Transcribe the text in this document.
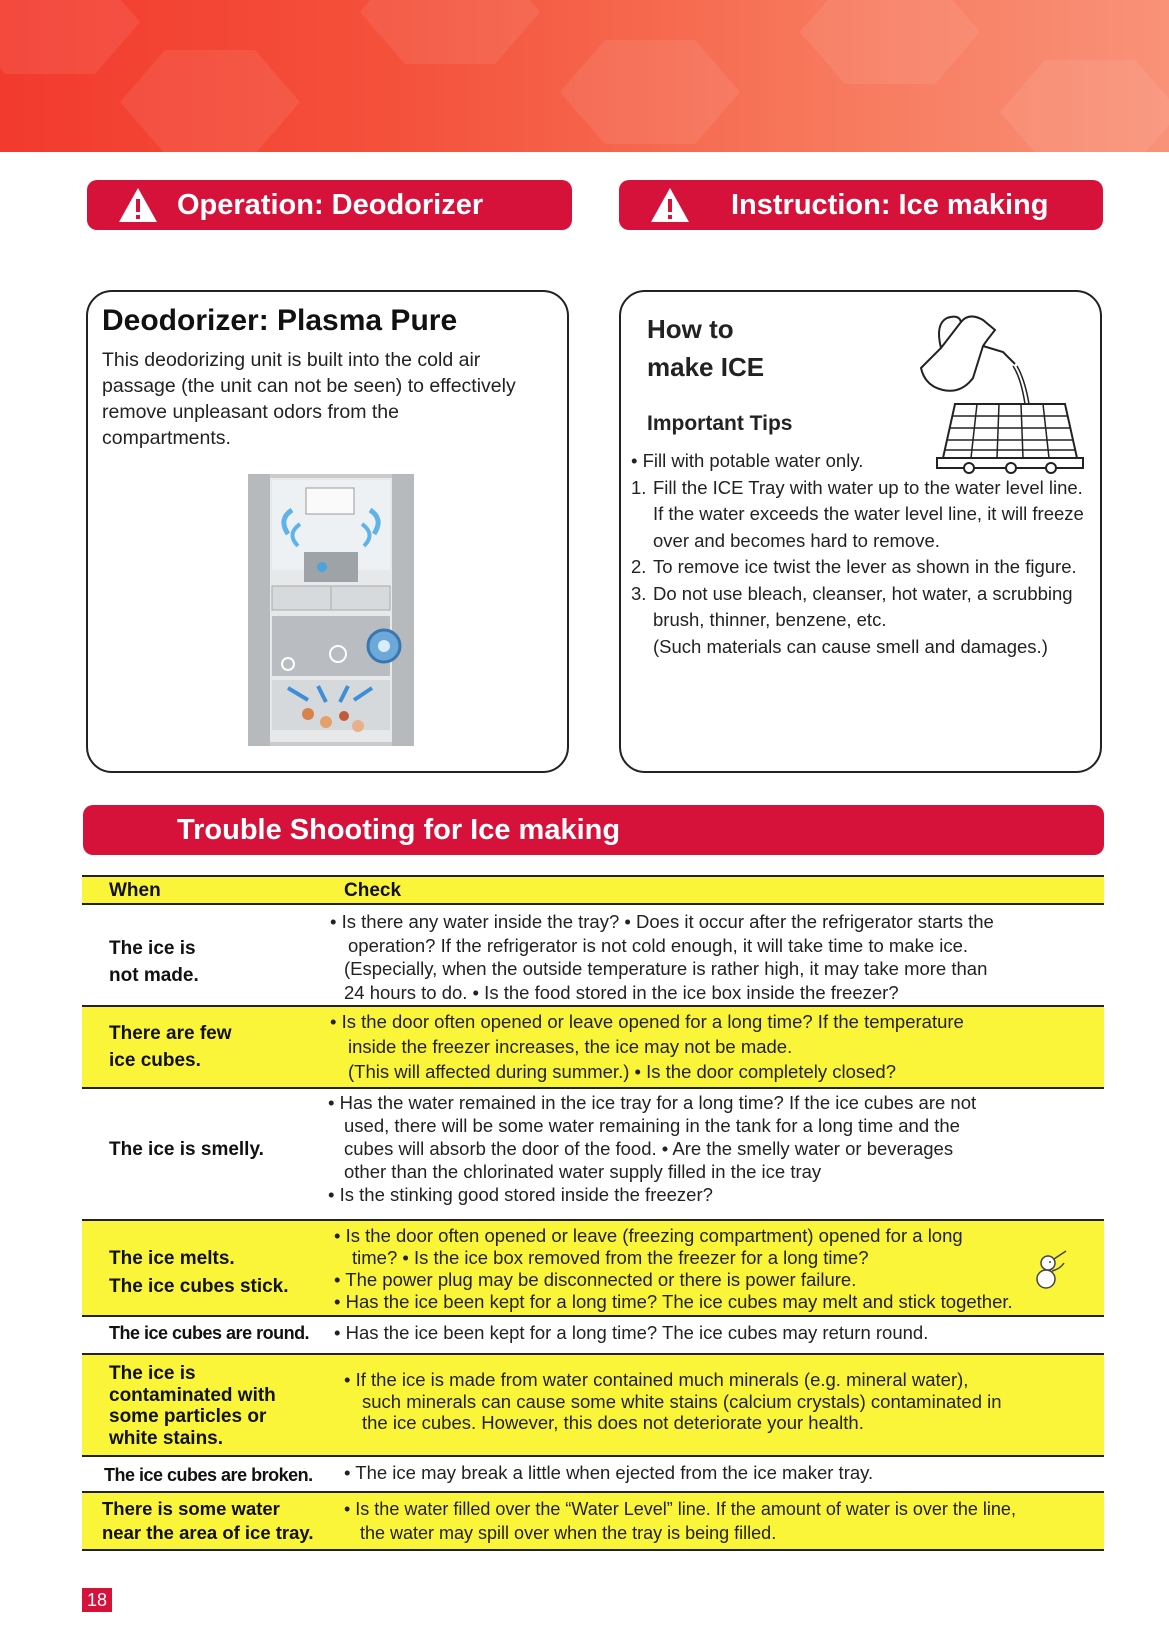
Operation: Deodorizer	Instruction: Ice making
Deodorizer: Plasma Pure
This deodorizing unit is built into the cold air passage (the unit can not be seen) to effectively remove unpleasant odors from the compartments.
How to
make ICE
Important Tips
• Fill with potable water only.
1. Fill the ICE Tray with water up to the water level line.
If the water exceeds the water level line, it will freeze over and becomes hard to remove.
2. To remove ice twist the lever as shown in the figure.
3. Do not use bleach, cleanser, hot water, a scrubbing brush, thinner, benzene, etc.
(Such materials can cause smell and damages.)
Trouble Shooting for Ice making
When	Check
The ice is
not made.
• Is there any water inside the tray? • Does it occur after the refrigerator starts the
operation? If the refrigerator is not cold enough, it will take time to make ice.
(Especially, when the outside temperature is rather high, it may take more than
24 hours to do. • Is the food stored in the ice box inside the freezer?
There are few
ice cubes.
• Is the door often opened or leave opened for a long time? If the temperature
inside the freezer increases, the ice may not be made.
(This will affected during summer.) • Is the door completely closed?
The ice is smelly.
• Has the water remained in the ice tray for a long time? If the ice cubes are not
used, there will be some water remaining in the tank for a long time and the
cubes will absorb the door of the food. • Are the smelly water or beverages
other than the chlorinated water supply filled in the ice tray
• Is the stinking good stored inside the freezer?
The ice melts.
The ice cubes stick.
• Is the door often opened or leave (freezing compartment) opened for a long
time? • Is the ice box removed from the freezer for a long time?
• The power plug may be disconnected or there is power failure.
• Has the ice been kept for a long time? The ice cubes may melt and stick together.
The ice cubes are round. • Has the ice been kept for a long time? The ice cubes may return round.
The ice is
contaminated with
some particles or
white stains.
• If the ice is made from water contained much minerals (e.g. mineral water),
such minerals can cause some white stains (calcium crystals) contaminated in
the ice cubes. However, this does not deteriorate your health.
The ice cubes are broken. • The ice may break a little when ejected from the ice maker tray.
There is some water
near the area of ice tray.
• Is the water filled over the “Water Level” line. If the amount of water is over the line,
the water may spill over when the tray is being filled.
18
